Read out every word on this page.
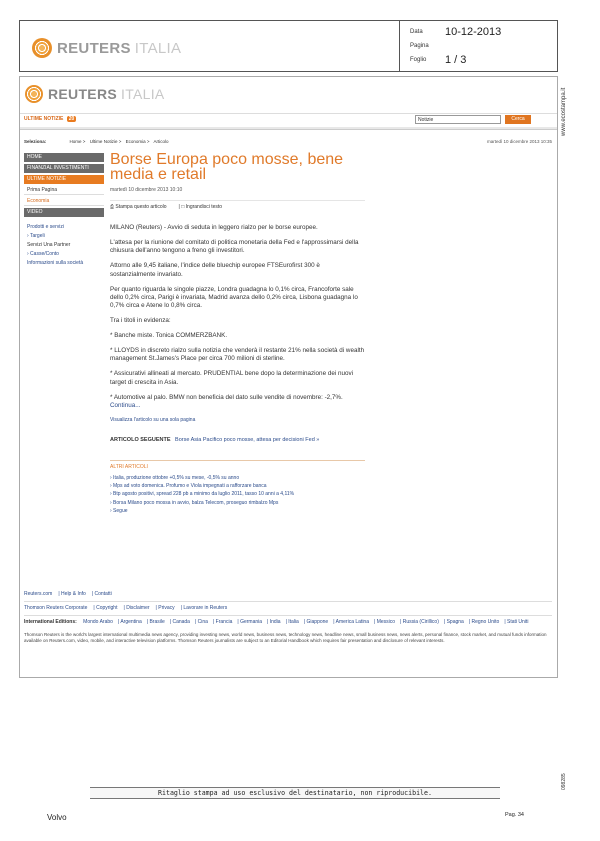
REUTERS ITALIA
Data	10-12-2013
Pagina
Foglio	1 / 3
REUTERS ITALIA
ULTIME NOTIZIE 20	Notizie	Cerca
Seleziona:	Home > Ultime Notizie > Economia > Articolo	martedì 10 dicembre 2013 10:35
HOME
FINANZIAL INVESTIMENTI
ULTIME NOTIZIE
Prima Pagina
Economia
VIDEO
Prodotti e servizi
› Targeli
Servizi Una Partner
› Casse/Conto
Informazioni sulla società
Borse Europa poco mosse, bene media e retail
martedì 10 dicembre 2013 10:10
⎙ Stampa questo articolo | □ Ingrandisci testo

MILANO (Reuters) - Avvio di seduta in leggero rialzo per le borse europee.

L'attesa per la riunione del comitato di politica monetaria della Fed e l'approssimarsi della chiusura dell'anno tengono a freno gli investitori.

Attorno alle 9,45 italiane, l'indice delle bluechip europee FTSEurofirst 300 è sostanzialmente invariato.

Per quanto riguarda le singole piazze, Londra guadagna lo 0,1% circa, Francoforte sale dello 0,2% circa, Parigi è invariata, Madrid avanza dello 0,2% circa, Lisbona guadagna lo 0,7% circa e Atene lo 0,8% circa.

Tra i titoli in evidenza:

* Banche miste. Tonica COMMERZBANK.

* LLOYDS in discreto rialzo sulla notizia che venderà il restante 21% nella società di wealth management St.James's Place per circa 700 milioni di sterline.

* Assicurativi allineati al mercato. PRUDENTIAL bene dopo la determinazione dei nuovi target di crescita in Asia.

* Automotive al palo. BMW non beneficia del dato sulle vendite di novembre: -2,7%. Continua...

Visualizza l'articolo su una sola pagina
ARTICOLO SEGUENTE Borse Asia Pacifico poco mosse, attesa per decisioni Fed »
ALTRI ARTICOLI
› Italia, produzione ottobre +0,5% su mese, -0,5% su anno
› Mps ad voto domenica. Profumo e Viola impegnati a rafforzare banca
› Btp agosto positivi, spread 228 pb a minimo da luglio 2011, tasso 10 anni a 4,11%
› Borsa Milano poco mossa in avvio, balza Telecom, proseguo rimbalzo Mps
› Segue
Reuters.com | Help & Info | Contatti
Thomson Reuters Corporate | Copyright | Disclaimer | Privacy | Lavorare in Reuters
International Editions: Mondo Arabo | Argentina | Brasile | Canada | Cina | Francia | Germania | India | Italia | Giappone | America Latina | Messico | Russia (Cirillico) | Spagna | Regno Unito | Stati Uniti
Thomson Reuters is the world's largest international multimedia news agency, providing investing news, world news, business news, technology news, headline news, small business news, news alerts, personal finance, stock market, and mutual funds information available on Reuters.com, video, mobile, and interactive television platforms. Thomson Reuters journalists are subject to an Editorial Handbook which requires fair presentation and disclosure of relevant interests.
www.ecostampa.it
098285
Ritaglio stampa ad uso esclusivo del destinatario, non riproducibile.
Volvo	Pag. 34
